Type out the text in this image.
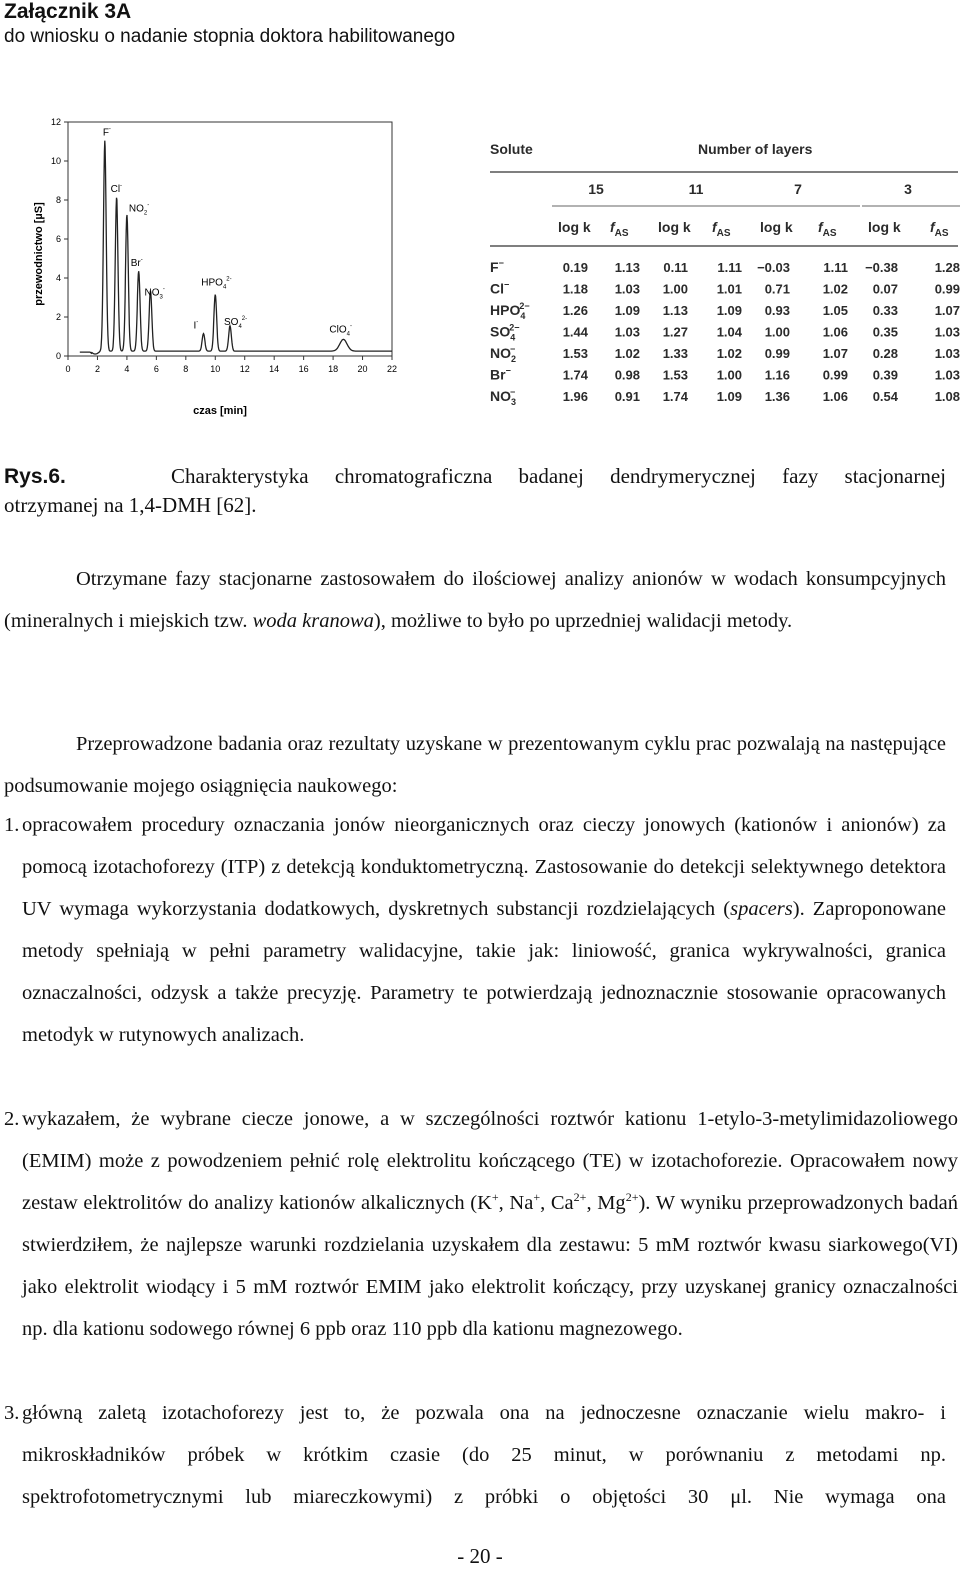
Załącznik 3A
do wniosku o nadanie stopnia doktora habilitowanego
0	2	4	6	8 10 12 14 16 18 20 22
0
2
4
6
8
10
12
F-
Cl-
$NO_2^-$
Br-
$NO_3^-$
I-
$HPO_4^{2-}$
$SO_4^{2-}$
ClO$_4$-
czas [min]
przewodnictwo [µS]
Solute	Number of layers
15	11	7	3
log k $f_{AS}$ log k $f_{AS}$ log k $f_{AS}$ log k $f_{AS}$
F−	0.19 1.13 0.11 1.11 −0.03	1.11 −0.38	1.28
Cl−	1.18 1.03 1.00 1.01 0.71	1.02 0.07	0.99
$HPO_42-$	1.26 1.09 1.13 1.09 0.93	1.05 0.33	1.07
$SO_42-$	1.44 1.03 1.27 1.04 1.00	1.06 0.35	1.03
$NO_2-$	1.53 1.02 1.33 1.02 0.99	1.07 0.28	1.03
Br−	1.74 0.98 1.53 1.00 1.16	0.99 0.39	1.03
$NO_3-$	1.96 0.91 1.74 1.09 1.36	1.06 0.54	1.08
Rys.6.	Charakterystyka chromatograficzna badanej dendrymerycznej fazy stacjonarnej
otrzymanej na 1,4-DMH [62].
Otrzymane fazy stacjonarne zastosowałem do ilościowej analizy anionów w wodach konsumpcyjnych (mineralnych i miejskich tzw. woda kranowa), możliwe to było po uprzedniej walidacji metody.
Przeprowadzone badania oraz rezultaty uzyskane w prezentowanym cyklu prac pozwalają na następujące podsumowanie mojego osiągnięcia naukowego:
1. opracowałem procedury oznaczania jonów nieorganicznych oraz cieczy jonowych (kationów i anionów) za pomocą izotachoforezy (ITP) z detekcją konduktometryczną. Zastosowanie do detekcji selektywnego detektora UV wymaga wykorzystania dodatkowych, dyskretnych substancji rozdzielających (spacers). Zaproponowane metody spełniają w pełni parametry walidacyjne, takie jak: liniowość, granica wykrywalności, granica oznaczalności, odzysk a także precyzję. Parametry te potwierdzają jednoznacznie stosowanie opracowanych metodyk w rutynowych analizach.
2. wykazałem, że wybrane ciecze jonowe, a w szczególności roztwór kationu 1-etylo-3-metylimidazoliowego (EMIM) może z powodzeniem pełnić rolę elektrolitu kończącego (TE) w izotachoforezie. Opracowałem nowy zestaw elektrolitów do analizy kationów alkalicznych (K+, Na+, $Ca^{2+}$, $Mg^{2+}$). W wyniku przeprowadzonych badań stwierdziłem, że najlepsze warunki rozdzielania uzyskałem dla zestawu: 5 mM roztwór kwasu siarkowego(VI) jako elektrolit wiodący i 5 mM roztwór EMIM jako elektrolit kończący, przy uzyskanej granicy oznaczalności np. dla kationu sodowego równej 6 ppb oraz 110 ppb dla kationu magnezowego.
3. główną zaletą izotachoforezy jest to, że pozwala ona na jednoczesne oznaczanie wielu makro- i mikroskładników próbek w krótkim czasie (do 25 minut, w porównaniu z metodami np. spektrofotometrycznymi lub miareczkowymi) z próbki o objętości 30 μl. Nie wymaga ona
- 20 -
